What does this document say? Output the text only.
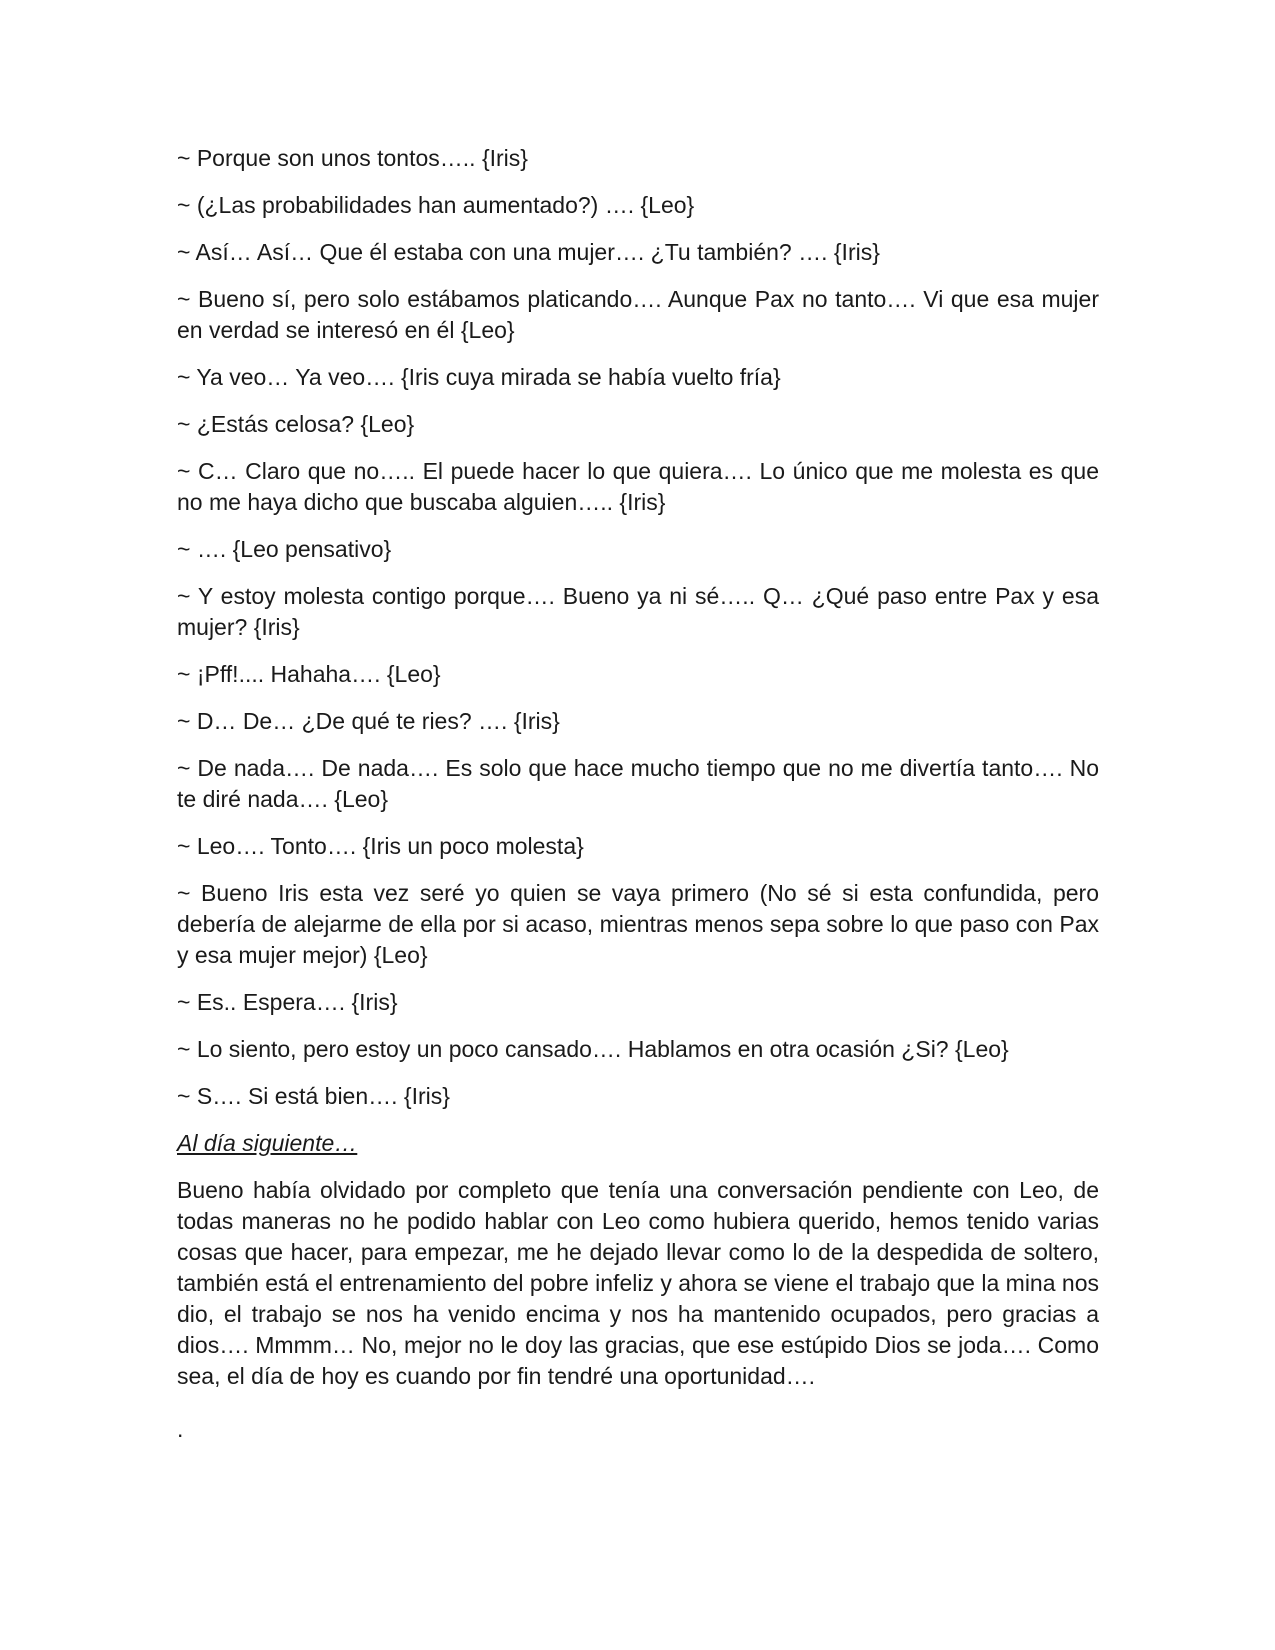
~ Porque son unos tontos….. {Iris}

~ (¿Las probabilidades han aumentado?) …. {Leo}

~ Así… Así… Que él estaba con una mujer…. ¿Tu también? …. {Iris}

~ Bueno sí, pero solo estábamos platicando…. Aunque Pax no tanto…. Vi que esa mujer en verdad se interesó en él {Leo}

~ Ya veo… Ya veo…. {Iris cuya mirada se había vuelto fría}

~ ¿Estás celosa? {Leo}

~ C… Claro que no….. El puede hacer lo que quiera…. Lo único que me molesta es que no me haya dicho que buscaba alguien….. {Iris}

~ …. {Leo pensativo}

~ Y estoy molesta contigo porque…. Bueno ya ni sé….. Q… ¿Qué paso entre Pax y esa mujer? {Iris}

~ ¡Pff!.... Hahaha…. {Leo}

~ D… De… ¿De qué te ries? …. {Iris}

~ De nada…. De nada…. Es solo que hace mucho tiempo que no me divertía tanto…. No te diré nada…. {Leo}

~ Leo…. Tonto…. {Iris un poco molesta}

~ Bueno Iris esta vez seré yo quien se vaya primero (No sé si esta confundida, pero debería de alejarme de ella por si acaso, mientras menos sepa sobre lo que paso con Pax y esa mujer mejor) {Leo}

~ Es.. Espera…. {Iris}

~ Lo siento, pero estoy un poco cansado…. Hablamos en otra ocasión ¿Si? {Leo}

~ S…. Si está bien…. {Iris}

Al día siguiente…

Bueno había olvidado por completo que tenía una conversación pendiente con Leo, de todas maneras no he podido hablar con Leo como hubiera querido, hemos tenido varias cosas que hacer, para empezar, me he dejado llevar como lo de la despedida de soltero, también está el entrenamiento del pobre infeliz y ahora se viene el trabajo que la mina nos dio, el trabajo se nos ha venido encima y nos ha mantenido ocupados, pero gracias a dios…. Mmmm… No, mejor no le doy las gracias, que ese estúpido Dios se joda…. Como sea, el día de hoy es cuando por fin tendré una oportunidad….

.
